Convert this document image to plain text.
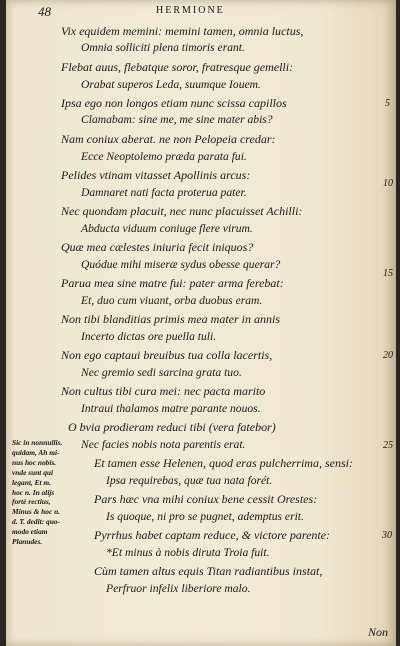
48	HERMIONE
Vix equidem memini: memini tamen, omnia luctus,
Omnia solliciti plena timoris erant.
Flebat auus, flebatque soror, fratresque gemelli:
Orabat superos Leda, suumque Iouem.
Ipsa ego non longos etiam nunc scissa capillos
Clamabam: sine me, me sine mater abis?
Nam coniux aberat. ne non Pelopeia credar:
Ecce Neoptolemo præda parata fui.
Pelides vtinam vitasset Apollinis arcus:
Damnaret nati facta proterua pater.
Nec quondam placuit, nec nunc placuisset Achilli:
Abducta viduum coniuge flere virum.
Quæ mea cælestes iniuria fecit iniquos?
Quódue mihi miseræ sydus obesse querar?
Parua mea sine matre fui: pater arma ferebat:
Et, duo cum viuant, orba duobus eram.
Non tibi blanditias primis mea mater in annis
Incerto dictas ore puella tuli.
Non ego captaui breuibus tua colla lacertis,
Nec gremio sedi sarcina grata tuo.
Non cultus tibi cura mei: nec pacta marito
Intraui thalamos matre parante nouos.
O bvia prodieram reduci tibi (vera fatebor)
Nec facies nobis nota parentis erat.
Et tamen esse Helenen, quod eras pulcherrima, sensi:
Ipsa requirebas, quæ tua nata forét.
Pars hæc vna mihi coniux bene cessit Orestes:
Is quoque, ni pro se pugnet, ademptus erit.
Pyrrhus habet captam reduce, & victore parente:
*Et minus à nobis diruta Troia fuit.
Cùm tamen altus equis Titan radiantibus instat,
Perfruor infelix liberiore malo.
5
10
15
20
25
30
Sic in nonnullis.
quidam, Ah mi-
nus hoc nobis.
vnde sunt qui
legant, Et m.
hoc n. In alijs
fortè rectius,
Minus & hoc n.
d. T. dedit: quo-
modo etiam
Planudes.
Non
